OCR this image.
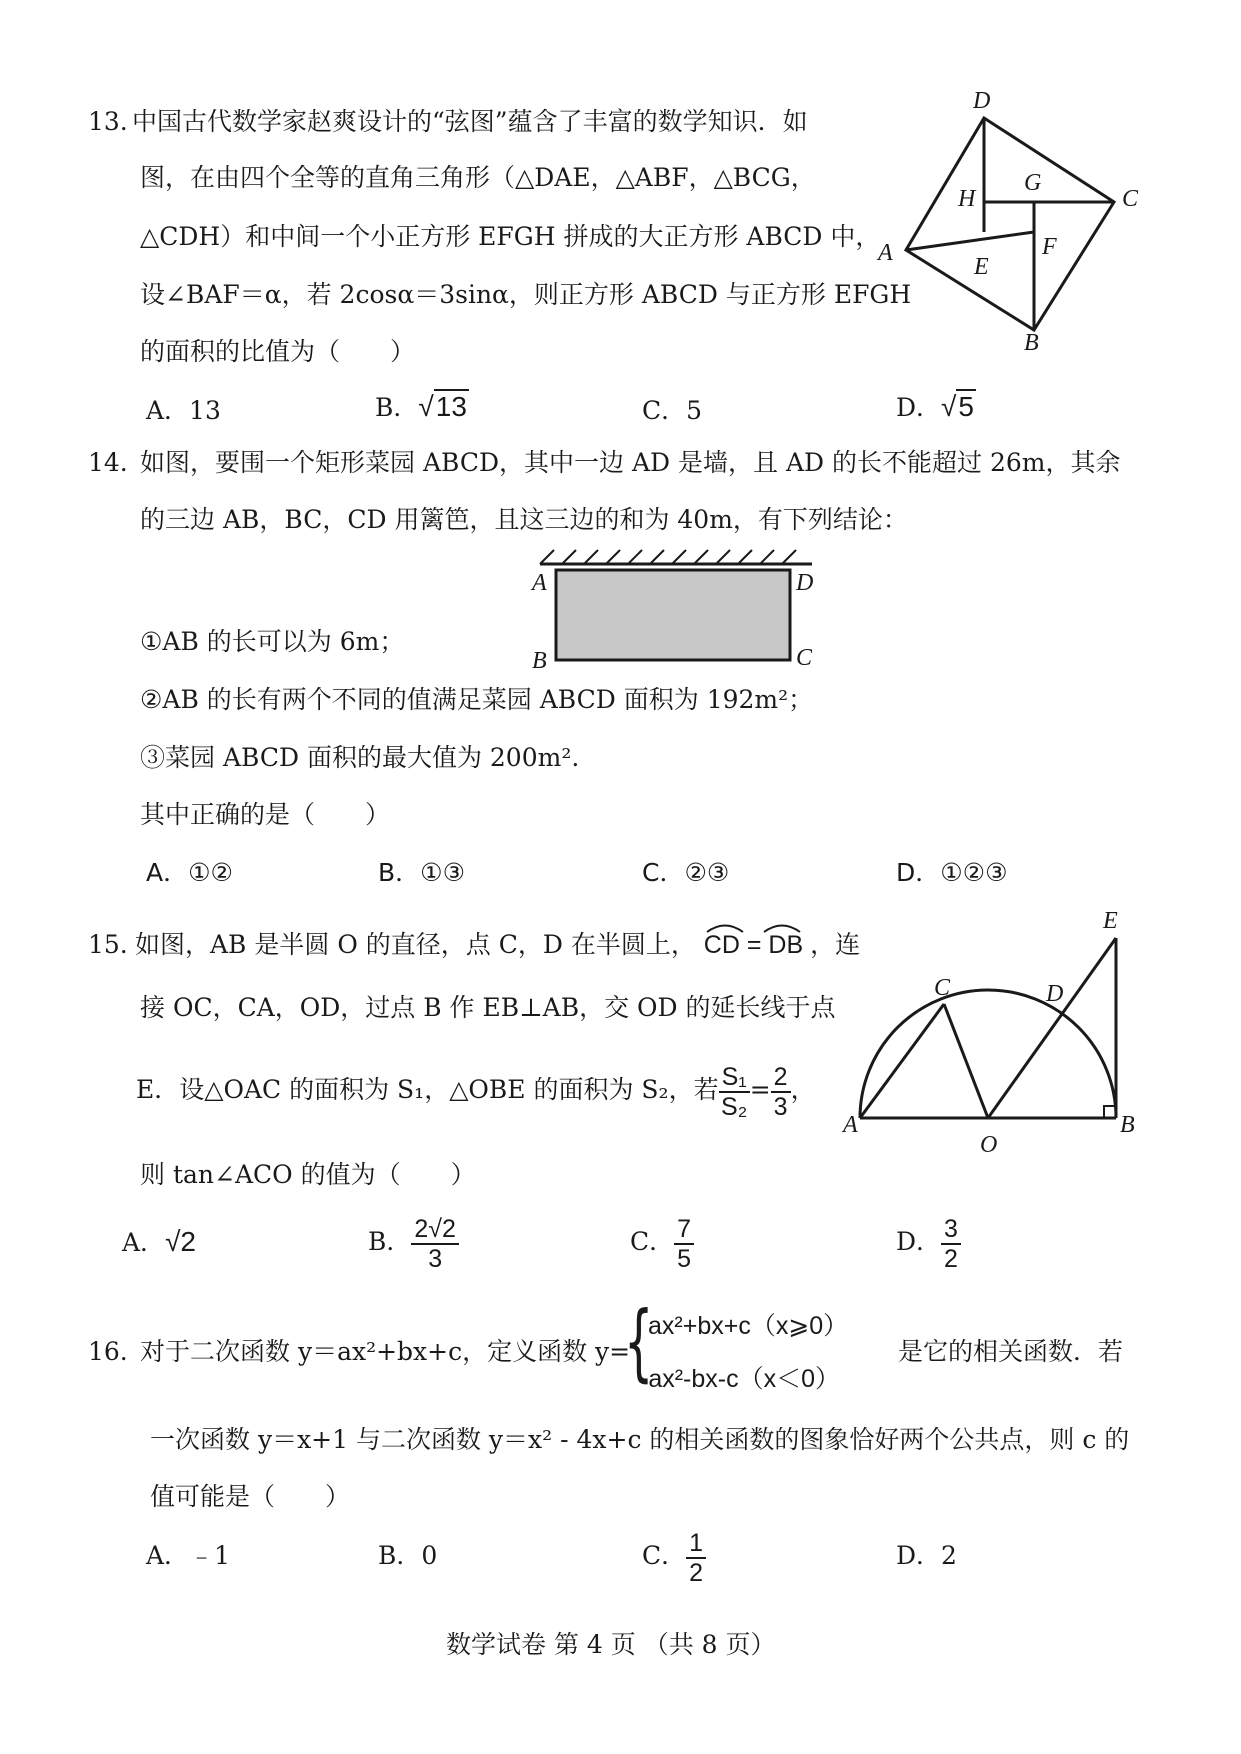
13. 中国古代数学家赵爽设计的“弦图”蕴含了丰富的数学知识．如
图，在由四个全等的直角三角形（△DAE，△ABF，△BCG，
△CDH）和中间一个小正方形 EFGH 拼成的大正方形 ABCD 中，
设∠BAF＝α，若 2cosα＝3sinα，则正方形 ABCD 与正方形 EFGH
的面积的比值为（　　）
A．13	B．√13	C．5	D．√5
D
C
A
B
H
G
E
F
14. 如图，要围一个矩形菜园 ABCD，其中一边 AD 是墙，且 AD 的长不能超过 26m，其余
的三边 AB，BC，CD 用篱笆，且这三边的和为 40m，有下列结论：
A	D
B	C
①AB 的长可以为 6m；
②AB 的长有两个不同的值满足菜园 ABCD 面积为 192m²；
③菜园 ABCD 面积的最大值为 200m².
其中正确的是（　　）
A．①②	B．①③	C．②③	D．①②③
15. 如图，AB 是半圆 O 的直径，点 C，D 在半圆上， CD = DB ，连
接 OC，CA，OD，过点 B 作 EB⊥AB，交 OD 的延长线于点
E．设△OAC 的面积为 S₁，△OBE 的面积为 S₂，若 $\frac{\text{S₁}}{\text{S₂}} = \frac{2}{3}$ ，
则 tan∠ACO 的值为（　　）
A．√2	B． $\frac{2√2}{3}$	C． $\frac{7}{5}$	D． $\frac{3}{2}$
E
C	D
A
O
B
16. 对于二次函数 y＝ax²+bx+c，定义函数 y=
{
ax²+bx+c（x⩾0）
-ax²-bx-c（x＜0）
是它的相关函数．若
一次函数 y＝x+1 与二次函数 y＝x² - 4x+c 的相关函数的图象恰好两个公共点，则 c 的
值可能是（　　）
A．﹣1	B．0	C． $\frac{1}{2}$	D．2
数学试卷 第 4 页 （共 8 页）
